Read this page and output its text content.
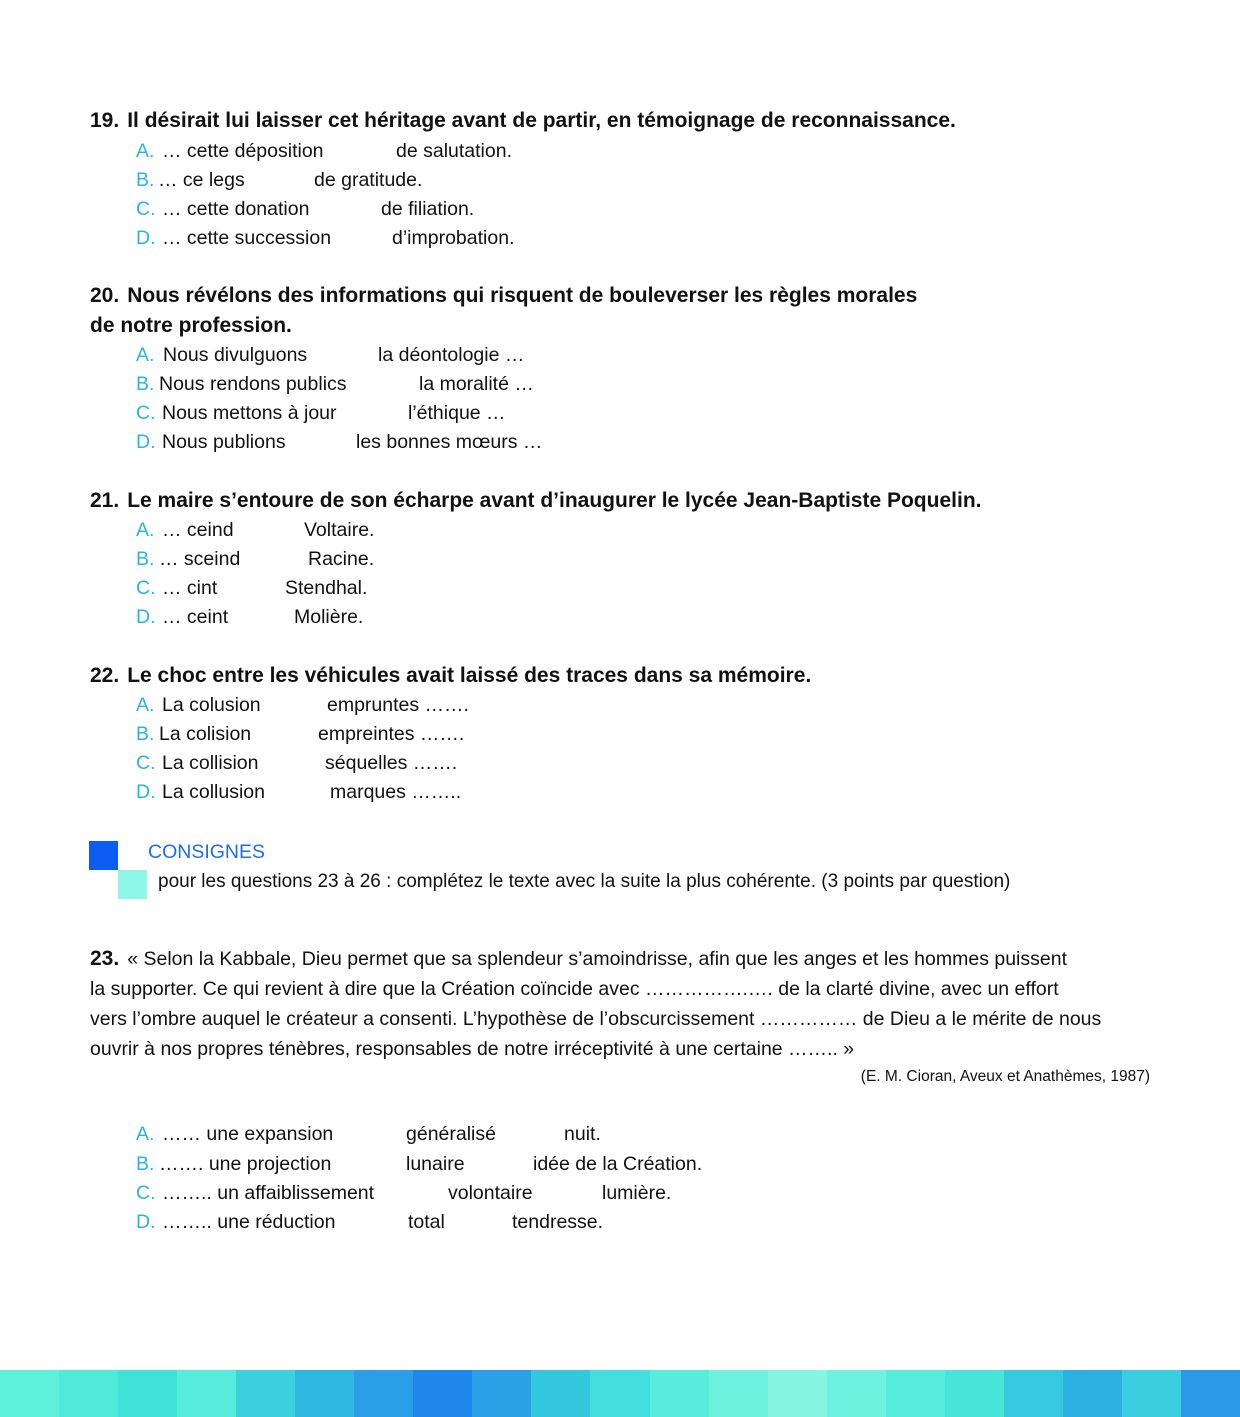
19. Il désirait lui laisser cet héritage avant de partir, en témoignage de reconnaissance.
A. … cette déposition	de salutation.
B. … ce legs	de gratitude.
C. … cette donation	de filiation.
D. … cette succession	d’improbation.
20. Nous révélons des informations qui risquent de bouleverser les règles morales
de notre profession.
A. Nous divulguons	la déontologie …
B. Nous rendons publics	la moralité …
C. Nous mettons à jour	l’éthique …
D. Nous publions	les bonnes mœurs …
21. Le maire s’entoure de son écharpe avant d’inaugurer le lycée Jean-Baptiste Poquelin.
A. … ceind	Voltaire.
B. … sceind	Racine.
C. … cint	Stendhal.
D. … ceint	Molière.
22. Le choc entre les véhicules avait laissé des traces dans sa mémoire.
A. La colusion	empruntes …….
B. La colision	empreintes …….
C. La collision	séquelles …….
D. La collusion	marques ……..
CONSIGNES
pour les questions 23 à 26 : complétez le texte avec la suite la plus cohérente. (3 points par question)
23. « Selon la Kabbale, Dieu permet que sa splendeur s’amoindrisse, afin que les anges et les hommes puissent
la supporter. Ce qui revient à dire que la Création coïncide avec …………….…. de la clarté divine, avec un effort
vers l’ombre auquel le créateur a consenti. L’hypothèse de l’obscurcissement …………… de Dieu a le mérite de nous
ouvrir à nos propres ténèbres, responsables de notre irréceptivité à une certaine …….. »
(E. M. Cioran, Aveux et Anathèmes, 1987)
A. …… une expansion	généralisé	nuit.
B. ……. une projection	lunaire	idée de la Création.
C. …….. un affaiblissement	volontaire	lumière.
D. …….. une réduction	total	tendresse.
